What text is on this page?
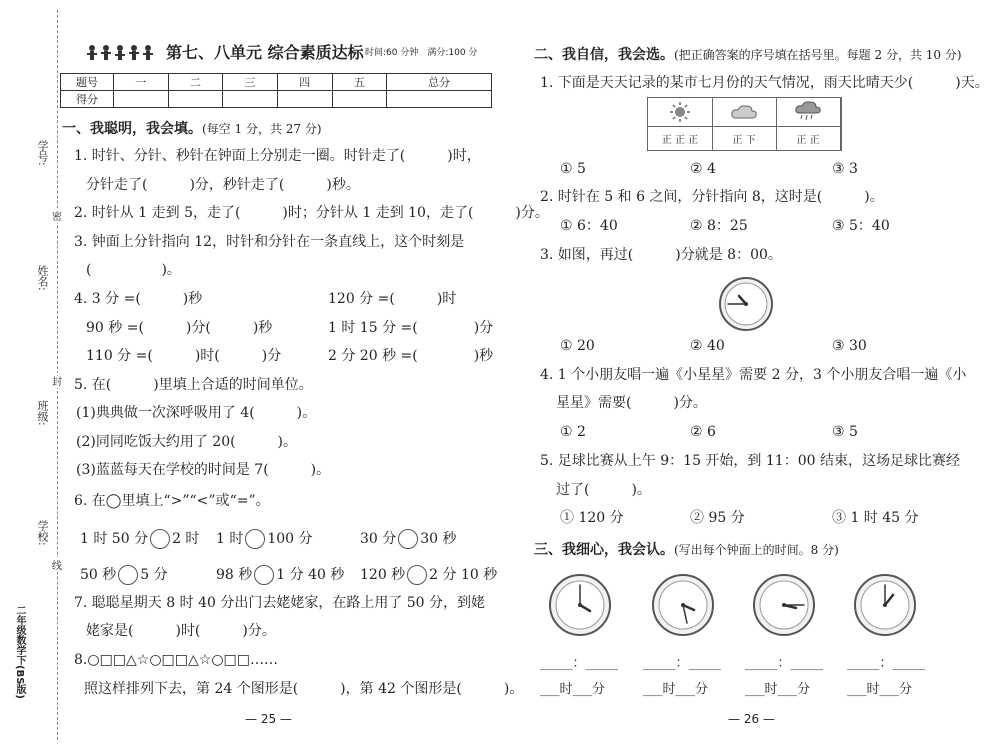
学号:
姓名:
班级:
学校:
密
封
线
二年级数学下(BS版)
第七、八单元 综合素质达标 时间:60 分钟　满分:100 分
题号	一	二	三	四	五	总分
得分						
一、我聪明，我会填。(每空 1 分，共 27 分)
1. 时针、分针、秒针在钟面上分别走一圈。时针走了(　　　)时，
分针走了(　　　)分，秒针走了(　　　)秒。
2. 时针从 1 走到 5，走了(　　　)时；分针从 1 走到 10，走了(　　　)分。
3. 钟面上分针指向 12，时针和分针在一条直线上，这个时刻是
(　　　　　)。
4. 3 分 =(　　　)秒	120 分 =(　　　)时
90 秒 =(　　　)分(　　　)秒	1 时 15 分 =(　　　　)分
110 分 =(　　　)时(　　　)分	2 分 20 秒 =(　　　　)秒
5. 在(　　　)里填上合适的时间单位。
(1)典典做一次深呼吸用了 4(　　　)。
(2)同同吃饭大约用了 20(　　　)。
(3)蓝蓝每天在学校的时间是 7(　　　)。
6. 在◯里填上“>”“<”或“=”。
1 时 50 分 2 时 1 时 100 分	30 分 30 秒
50 秒 5 分	98 秒 1 分 40 秒 120 秒 2 分 10 秒
7. 聪聪星期天 8 时 40 分出门去姥姥家，在路上用了 50 分，到姥
姥家是(　　　)时(　　　)分。
8.○□□△☆○□□△☆○□□……
照这样排列下去，第 24 个图形是(　　　)，第 42 个图形是(　　　)。
— 25 —
二、我自信，我会选。(把正确答案的序号填在括号里。每题 2 分，共 10 分)
1. 下面是天天记录的某市七月份的天气情况，雨天比晴天少(　　　)天。
正 正 正	正 下	正 正
① 5	② 4	③ 3
2. 时针在 5 和 6 之间，分针指向 8，这时是(　　　)。
① 6：40	② 8：25	③ 5：40
3. 如图，再过(　　　)分就是 8：00。
① 20	② 40	③ 30
4. 1 个小朋友唱一遍《小星星》需要 2 分，3 个小朋友合唱一遍《小
星星》需要(　　　)分。
① 2	② 6	③ 5
5. 足球比赛从上午 9：15 开始，到 11：00 结束，这场足球比赛经
过了(　　　)。
① 120 分	② 95 分	③ 1 时 45 分
三、我细心，我会认。(写出每个钟面上的时间。8 分)
_____：_____ _____：_____ _____：_____ _____：_____
___时___分	___时___分	___时___分	___时___分
— 26 —
